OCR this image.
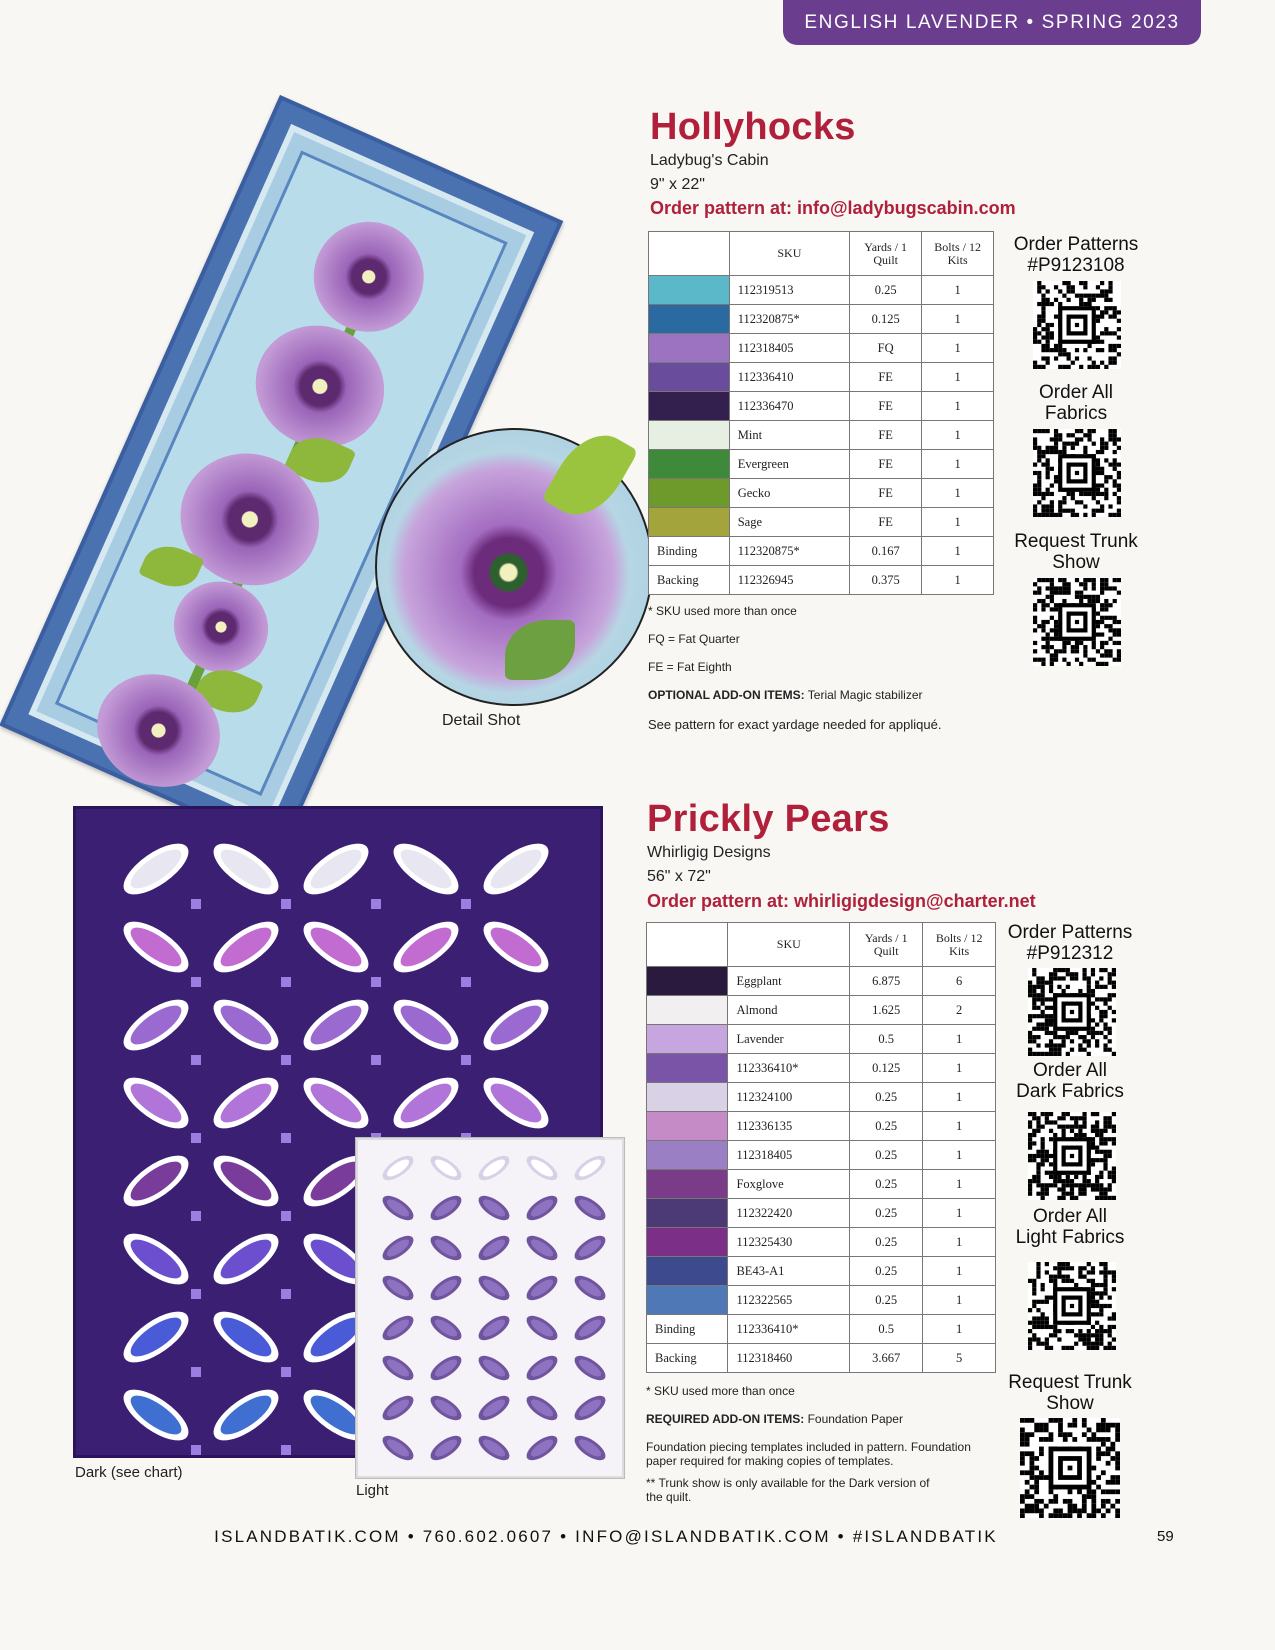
ENGLISH LAVENDER • SPRING 2023
Detail Shot
Hollyhocks
Ladybug's Cabin
9" x 22"
Order pattern at: info@ladybugscabin.com
	SKU	Yards / 1 Quilt	Bolts / 12 Kits
	112319513	0.25	1
	112320875*	0.125	1
	112318405	FQ	1
	112336410	FE	1
	112336470	FE	1
	Mint	FE	1
	Evergreen	FE	1
	Gecko	FE	1
	Sage	FE	1
Binding	112320875*	0.167	1
Backing	112326945	0.375	1
* SKU used more than once
FQ = Fat Quarter
FE = Fat Eighth
OPTIONAL ADD-ON ITEMS: Terial Magic stabilizer
See pattern for exact yardage needed for appliqué.
Order Patterns
#P9123108
Order All
Fabrics
Request Trunk
Show
Dark (see chart)
Light
Prickly Pears
Whirligig Designs
56" x 72"
Order pattern at: whirligigdesign@charter.net
	SKU	Yards / 1 Quilt	Bolts / 12 Kits
	Eggplant	6.875	6
	Almond	1.625	2
	Lavender	0.5	1
	112336410*	0.125	1
	112324100	0.25	1
	112336135	0.25	1
	112318405	0.25	1
	Foxglove	0.25	1
	112322420	0.25	1
	112325430	0.25	1
	BE43-A1	0.25	1
	112322565	0.25	1
Binding	112336410*	0.5	1
Backing	112318460	3.667	5
* SKU used more than once
REQUIRED ADD-ON ITEMS: Foundation Paper
Foundation piecing templates included in pattern. Foundation paper required for making copies of templates.
** Trunk show is only available for the Dark version of the quilt.
Order Patterns
#P912312
Order All
Dark Fabrics
Order All
Light Fabrics
Request Trunk
Show
ISLANDBATIK.COM • 760.602.0607 • INFO@ISLANDBATIK.COM • #ISLANDBATIK	59
